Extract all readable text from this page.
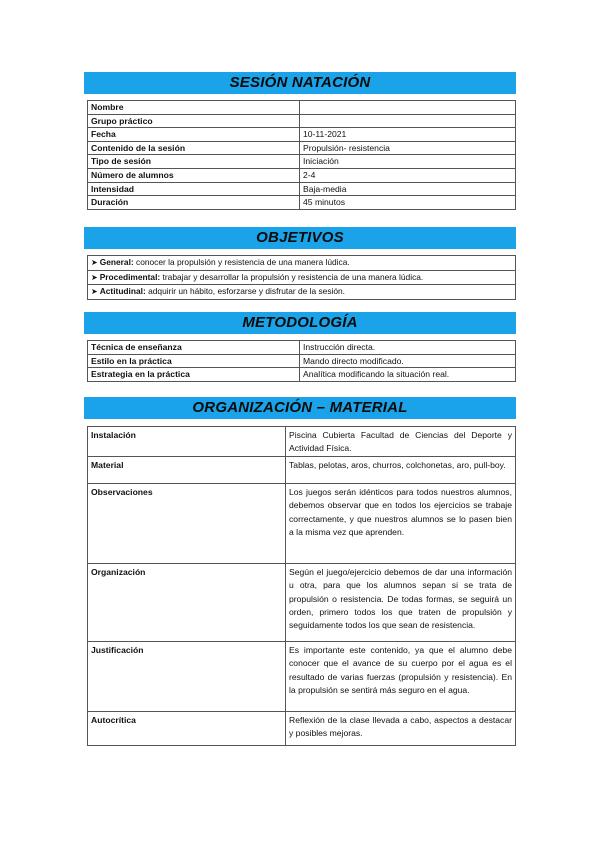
SESIÓN NATACIÓN
Nombre	
Grupo práctico	
Fecha	10-11-2021
Contenido de la sesión	Propulsión- resistencia
Tipo de sesión	Iniciación
Número de alumnos	2-4
Intensidad	Baja-media
Duración	45 minutos
OBJETIVOS
➤ General: conocer la propulsión y resistencia de una manera lúdica.
➤ Procedimental: trabajar y desarrollar la propulsión y resistencia de una manera lúdica.
➤ Actitudinal: adquirir un hábito, esforzarse y disfrutar de la sesión.
METODOLOGÍA
Técnica de enseñanza	Instrucción directa.
Estilo en la práctica	Mando directo modificado.
Estrategia en la práctica	Analítica modificando la situación real.
ORGANIZACIÓN – MATERIAL
Instalación	Piscina Cubierta Facultad de Ciencias del Deporte y Actividad Física.
Material	Tablas, pelotas, aros, churros, colchonetas, aro, pull-boy.
Observaciones	Los juegos serán idénticos para todos nuestros alumnos, debemos observar que en todos los ejercicios se trabaje correctamente, y que nuestros alumnos se lo pasen bien a la misma vez que aprenden.
Organización	Según el juego/ejercicio debemos de dar una información u otra, para que los alumnos sepan si se trata de propulsión o resistencia. De todas formas, se seguirá un orden, primero todos los que traten de propulsión y seguidamente todos los que sean de resistencia.
Justificación	Es importante este contenido, ya que el alumno debe conocer que el avance de su cuerpo por el agua es el resultado de varias fuerzas (propulsión y resistencia). En la propulsión se sentirá más seguro en el agua.
Autocrítica	Reflexión de la clase llevada a cabo, aspectos a destacar y posibles mejoras.
